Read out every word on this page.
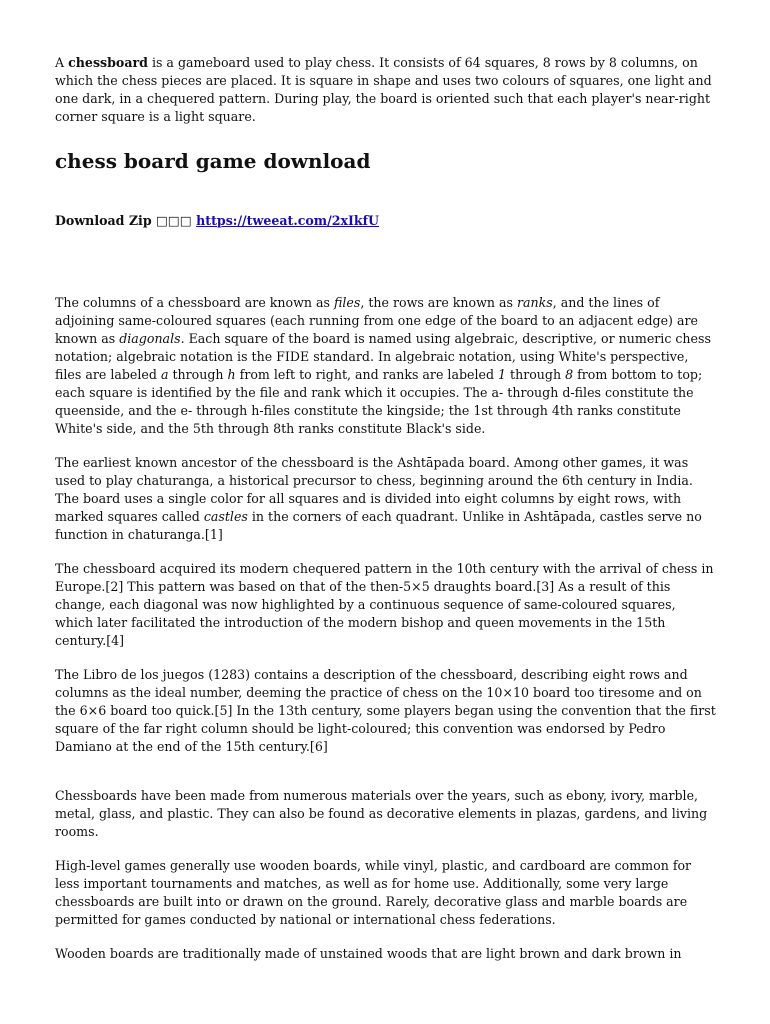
A chessboard is a gameboard used to play chess. It consists of 64 squares, 8 rows by 8 columns, on which the chess pieces are placed. It is square in shape and uses two colours of squares, one light and one dark, in a chequered pattern. During play, the board is oriented such that each player's near-right corner square is a light square.

chess board game download

Download Zip □□□ https://tweeat.com/2xIkfU

The columns of a chessboard are known as files, the rows are known as ranks, and the lines of adjoining same-coloured squares (each running from one edge of the board to an adjacent edge) are known as diagonals. Each square of the board is named using algebraic, descriptive, or numeric chess notation; algebraic notation is the FIDE standard. In algebraic notation, using White's perspective, files are labeled a through h from left to right, and ranks are labeled 1 through 8 from bottom to top; each square is identified by the file and rank which it occupies. The a- through d-files constitute the queenside, and the e- through h-files constitute the kingside; the 1st through 4th ranks constitute White's side, and the 5th through 8th ranks constitute Black's side.

The earliest known ancestor of the chessboard is the Ashtāpada board. Among other games, it was used to play chaturanga, a historical precursor to chess, beginning around the 6th century in India. The board uses a single color for all squares and is divided into eight columns by eight rows, with marked squares called castles in the corners of each quadrant. Unlike in Ashtāpada, castles serve no function in chaturanga.[1]

The chessboard acquired its modern chequered pattern in the 10th century with the arrival of chess in Europe.[2] This pattern was based on that of the then-5×5 draughts board.[3] As a result of this change, each diagonal was now highlighted by a continuous sequence of same-coloured squares, which later facilitated the introduction of the modern bishop and queen movements in the 15th century.[4]

The Libro de los juegos (1283) contains a description of the chessboard, describing eight rows and columns as the ideal number, deeming the practice of chess on the 10×10 board too tiresome and on the 6×6 board too quick.[5] In the 13th century, some players began using the convention that the first square of the far right column should be light-coloured; this convention was endorsed by Pedro Damiano at the end of the 15th century.[6]

Chessboards have been made from numerous materials over the years, such as ebony, ivory, marble, metal, glass, and plastic. They can also be found as decorative elements in plazas, gardens, and living rooms.

High-level games generally use wooden boards, while vinyl, plastic, and cardboard are common for less important tournaments and matches, as well as for home use. Additionally, some very large chessboards are built into or drawn on the ground. Rarely, decorative glass and marble boards are permitted for games conducted by national or international chess federations.

Wooden boards are traditionally made of unstained woods that are light brown and dark brown in
